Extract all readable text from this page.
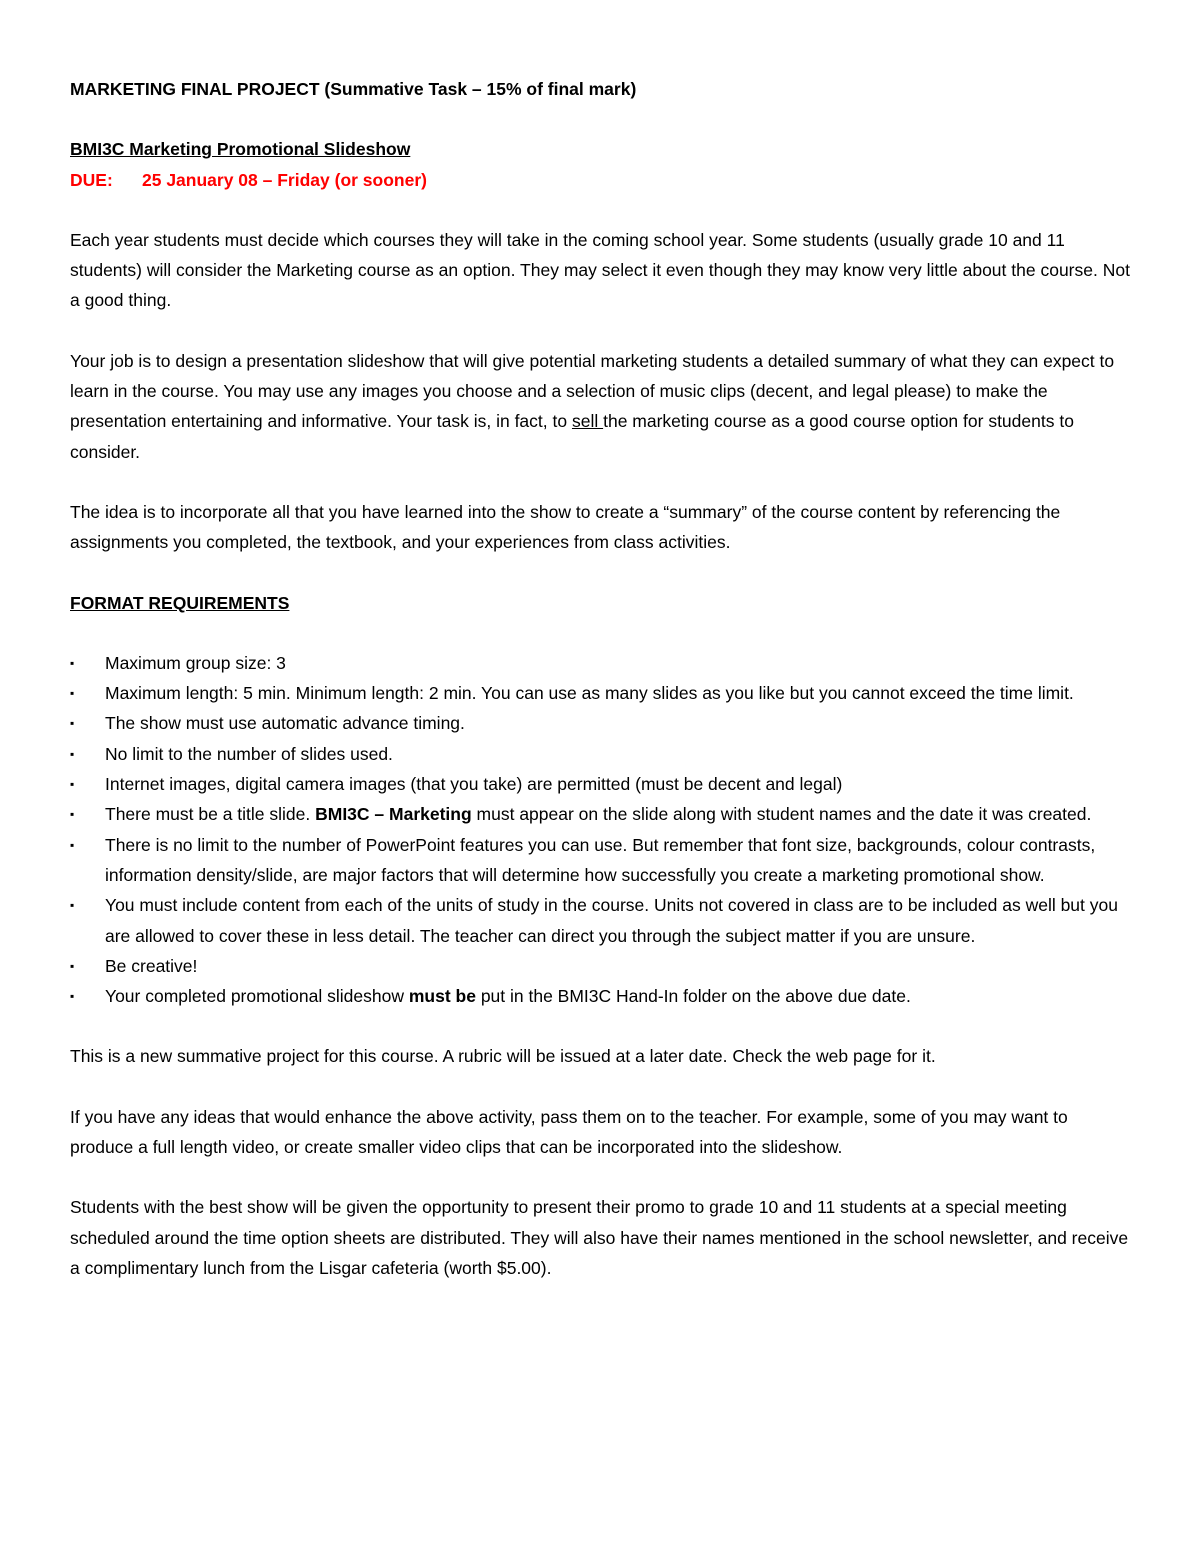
MARKETING FINAL PROJECT (Summative Task – 15% of final mark)
BMI3C Marketing Promotional Slideshow
DUE: 25 January 08 – Friday (or sooner)

Each year students must decide which courses they will take in the coming school year. Some students (usually grade 10 and 11 students) will consider the Marketing course as an option. They may select it even though they may know very little about the course. Not a good thing.

Your job is to design a presentation slideshow that will give potential marketing students a detailed summary of what they can expect to learn in the course. You may use any images you choose and a selection of music clips (decent, and legal please) to make the presentation entertaining and informative. Your task is, in fact, to sell the marketing course as a good course option for students to consider.

The idea is to incorporate all that you have learned into the show to create a “summary” of the course content by referencing the assignments you completed, the textbook, and your experiences from class activities.

FORMAT REQUIREMENTS
▪ Maximum group size: 3
▪ Maximum length: 5 min. Minimum length: 2 min. You can use as many slides as you like but you cannot exceed the time limit.
▪ The show must use automatic advance timing.
▪ No limit to the number of slides used.
▪ Internet images, digital camera images (that you take) are permitted (must be decent and legal)
▪ There must be a title slide. BMI3C – Marketing must appear on the slide along with student names and the date it was created.
▪ There is no limit to the number of PowerPoint features you can use. But remember that font size, backgrounds, colour contrasts, information density/slide, are major factors that will determine how successfully you create a marketing promotional show.
▪ You must include content from each of the units of study in the course. Units not covered in class are to be included as well but you are allowed to cover these in less detail. The teacher can direct you through the subject matter if you are unsure.
▪ Be creative!
▪ Your completed promotional slideshow must be put in the BMI3C Hand-In folder on the above due date.

This is a new summative project for this course. A rubric will be issued at a later date. Check the web page for it.

If you have any ideas that would enhance the above activity, pass them on to the teacher. For example, some of you may want to produce a full length video, or create smaller video clips that can be incorporated into the slideshow.

Students with the best show will be given the opportunity to present their promo to grade 10 and 11 students at a special meeting scheduled around the time option sheets are distributed. They will also have their names mentioned in the school newsletter, and receive a complimentary lunch from the Lisgar cafeteria (worth $5.00).
